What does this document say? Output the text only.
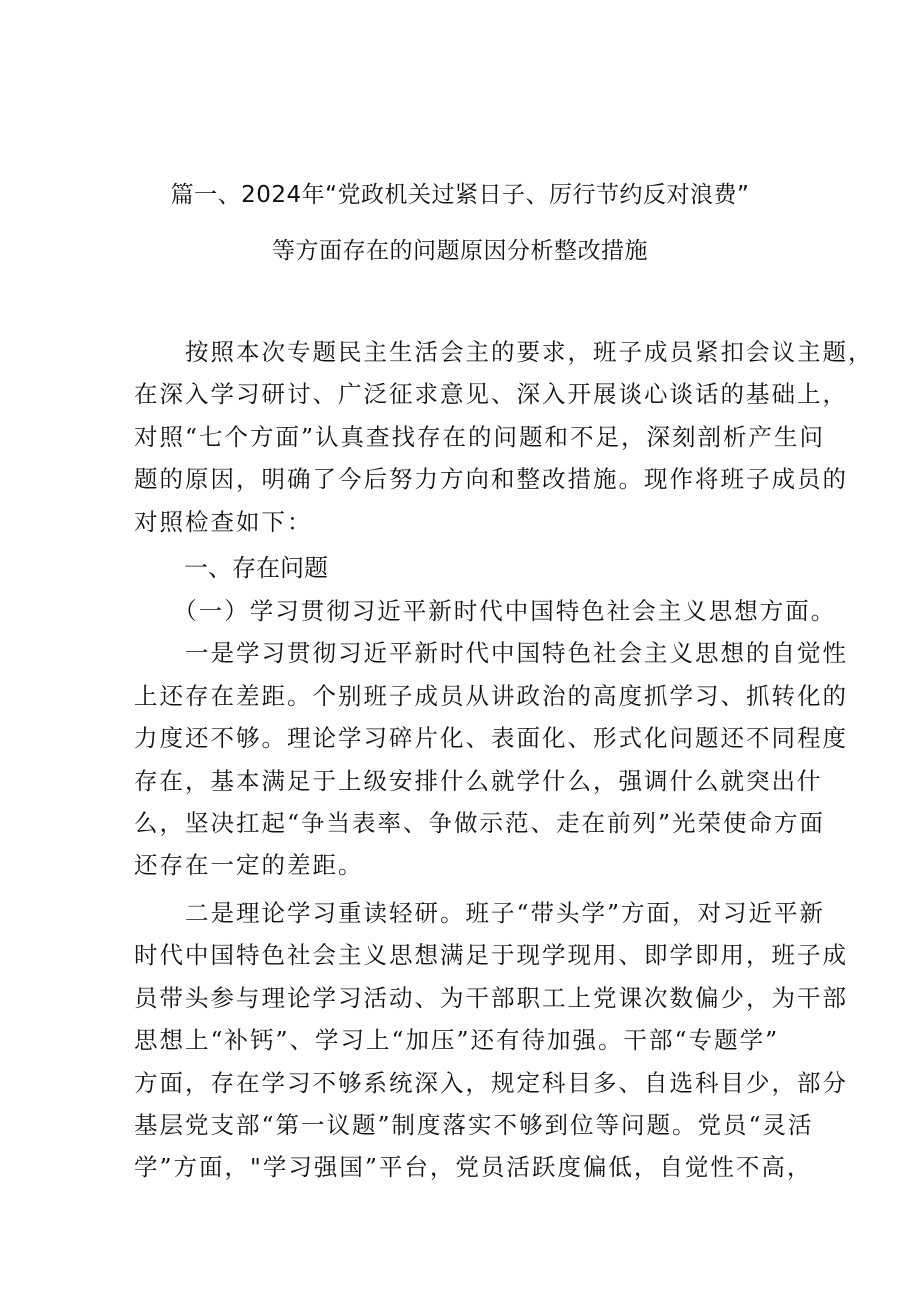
篇一、2024年“党政机关过紧日子、厉行节约反对浪费”
等方面存在的问题原因分析整改措施
　　按照本次专题民主生活会主的要求，班子成员紧扣会议主题，
在深入学习研讨、广泛征求意见、深入开展谈心谈话的基础上，
对照“七个方面”认真查找存在的问题和不足，深刻剖析产生问
题的原因，明确了今后努力方向和整改措施。现作将班子成员的
对照检查如下：
一、存在问题
　　（一）学习贯彻习近平新时代中国特色社会主义思想方面。
　　一是学习贯彻习近平新时代中国特色社会主义思想的自觉性
上还存在差距。个别班子成员从讲政治的高度抓学习、抓转化的
力度还不够。理论学习碎片化、表面化、形式化问题还不同程度
存在，基本满足于上级安排什么就学什么，强调什么就突出什
么，坚决扛起“争当表率、争做示范、走在前列”光荣使命方面
还存在一定的差距。
　　二是理论学习重读轻研。班子“带头学”方面，对习近平新
时代中国特色社会主义思想满足于现学现用、即学即用，班子成
员带头参与理论学习活动、为干部职工上党课次数偏少，为干部
思想上“补钙”、学习上“加压”还有待加强。干部“专题学”
方面，存在学习不够系统深入，规定科目多、自选科目少，部分
基层党支部“第一议题”制度落实不够到位等问题。党员“灵活
学”方面，"学习强国”平台，党员活跃度偏低，自觉性不高，
